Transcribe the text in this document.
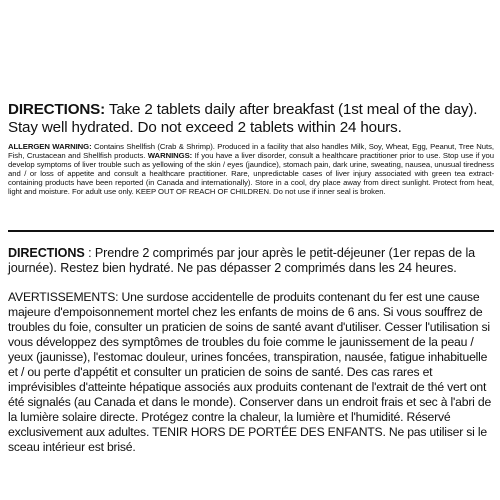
DIRECTIONS: Take 2 tablets daily after breakfast (1st meal of the day). Stay well hydrated. Do not exceed 2 tablets within 24 hours.
ALLERGEN WARNING: Contains Shellfish (Crab & Shrimp). Produced in a facility that also handles Milk, Soy, Wheat, Egg, Peanut, Tree Nuts, Fish, Crustacean and Shellfish products. WARNINGS: If you have a liver disorder, consult a healthcare practitioner prior to use. Stop use if you develop symptoms of liver trouble such as yellowing of the skin / eyes (jaundice), stomach pain, dark urine, sweating, nausea, unusual tiredness and / or loss of appetite and consult a healthcare practitioner. Rare, unpredictable cases of liver injury associated with green tea extract-containing products have been reported (in Canada and internationally). Store in a cool, dry place away from direct sunlight. Protect from heat, light and moisture. For adult use only. KEEP OUT OF REACH OF CHILDREN. Do not use if inner seal is broken.
DIRECTIONS : Prendre 2 comprimés par jour après le petit-déjeuner (1er repas de la journée). Restez bien hydraté. Ne pas dépasser 2 comprimés dans les 24 heures.
AVERTISSEMENTS: Une surdose accidentelle de produits contenant du fer est une cause majeure d'empoisonnement mortel chez les enfants de moins de 6 ans. Si vous souffrez de troubles du foie, consulter un praticien de soins de santé avant d'utiliser. Cesser l'utilisation si vous développez des symptômes de troubles du foie comme le jaunissement de la peau / yeux (jaunisse), l'estomac douleur, urines foncées, transpiration, nausée, fatigue inhabituelle et / ou perte d'appétit et consulter un praticien de soins de santé. Des cas rares et imprévisibles d'atteinte hépatique associés aux produits contenant de l'extrait de thé vert ont été signalés (au Canada et dans le monde). Conserver dans un endroit frais et sec à l'abri de la lumière solaire directe. Protégez contre la chaleur, la lumière et l'humidité. Réservé exclusivement aux adultes. TENIR HORS DE PORTÉE DES ENFANTS. Ne pas utiliser si le sceau intérieur est brisé.
